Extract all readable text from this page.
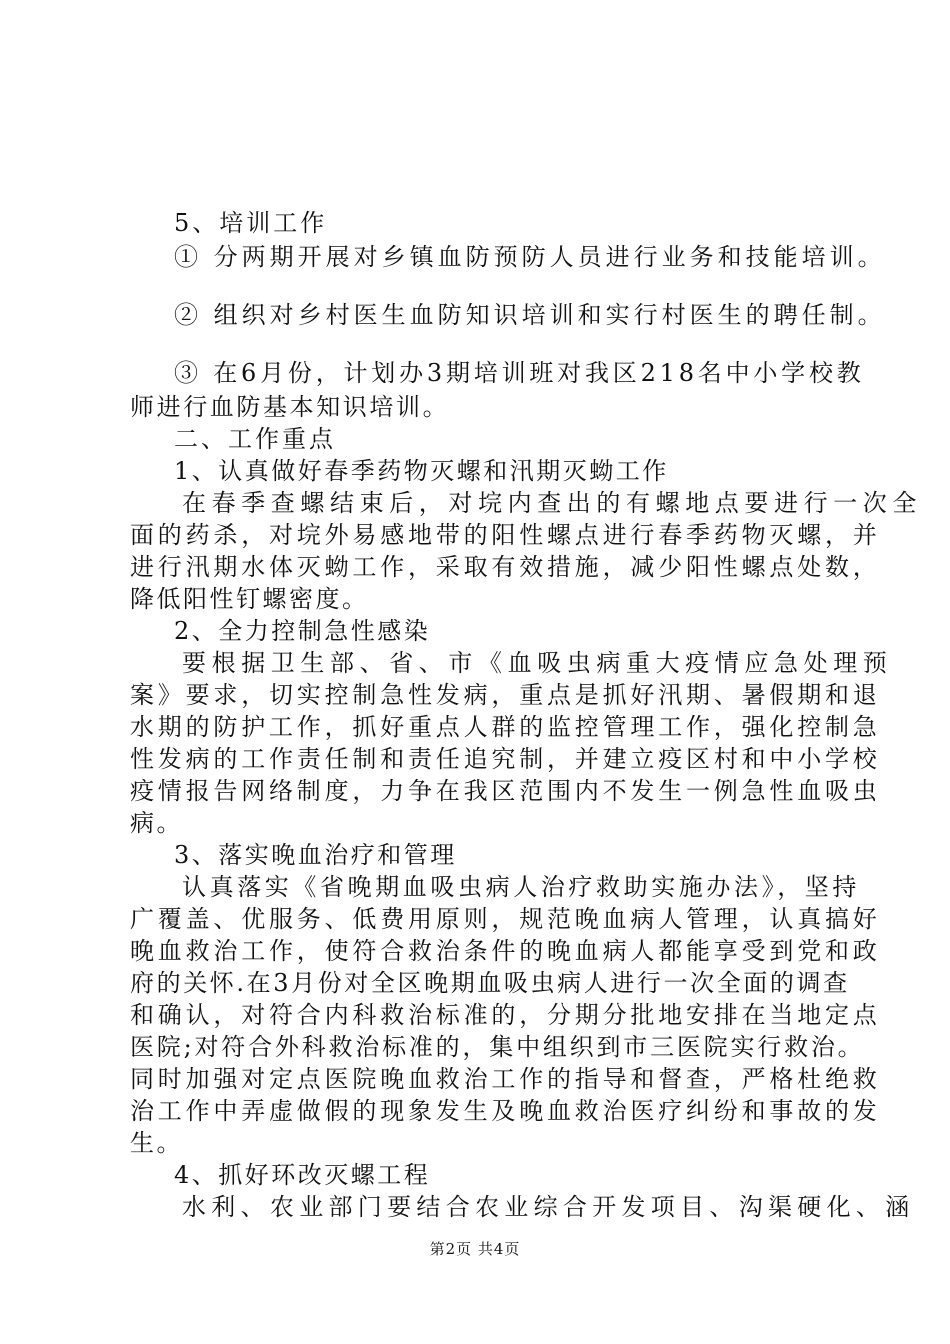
5、培训工作
① 分两期开展对乡镇血防预防人员进行业务和技能培训。
② 组织对乡村医生血防知识培训和实行村医生的聘任制。
③ 在6月份，计划办3期培训班对我区218名中小学校教
师进行血防基本知识培训。
二、工作重点
1、认真做好春季药物灭螺和汛期灭蚴工作
在春季查螺结束后，对垸内查出的有螺地点要进行一次全
面的药杀，对垸外易感地带的阳性螺点进行春季药物灭螺，并
进行汛期水体灭蚴工作，采取有效措施，减少阳性螺点处数，
降低阳性钉螺密度。
2、全力控制急性感染
要根据卫生部、省、市《血吸虫病重大疫情应急处理预
案》要求，切实控制急性发病，重点是抓好汛期、暑假期和退
水期的防护工作，抓好重点人群的监控管理工作，强化控制急
性发病的工作责任制和责任追究制，并建立疫区村和中小学校
疫情报告网络制度，力争在我区范围内不发生一例急性血吸虫
病。
3、落实晚血治疗和管理
认真落实《省晚期血吸虫病人治疗救助实施办法》，坚持
广覆盖、优服务、低费用原则，规范晚血病人管理，认真搞好
晚血救治工作，使符合救治条件的晚血病人都能享受到党和政
府的关怀.在3月份对全区晚期血吸虫病人进行一次全面的调查
和确认，对符合内科救治标准的，分期分批地安排在当地定点
医院;对符合外科救治标准的，集中组织到市三医院实行救治。
同时加强对定点医院晚血救治工作的指导和督查，严格杜绝救
治工作中弄虚做假的现象发生及晚血救治医疗纠纷和事故的发
生。
4、抓好环改灭螺工程
水利、农业部门要结合农业综合开发项目、沟渠硬化、涵
第2页 共4页
